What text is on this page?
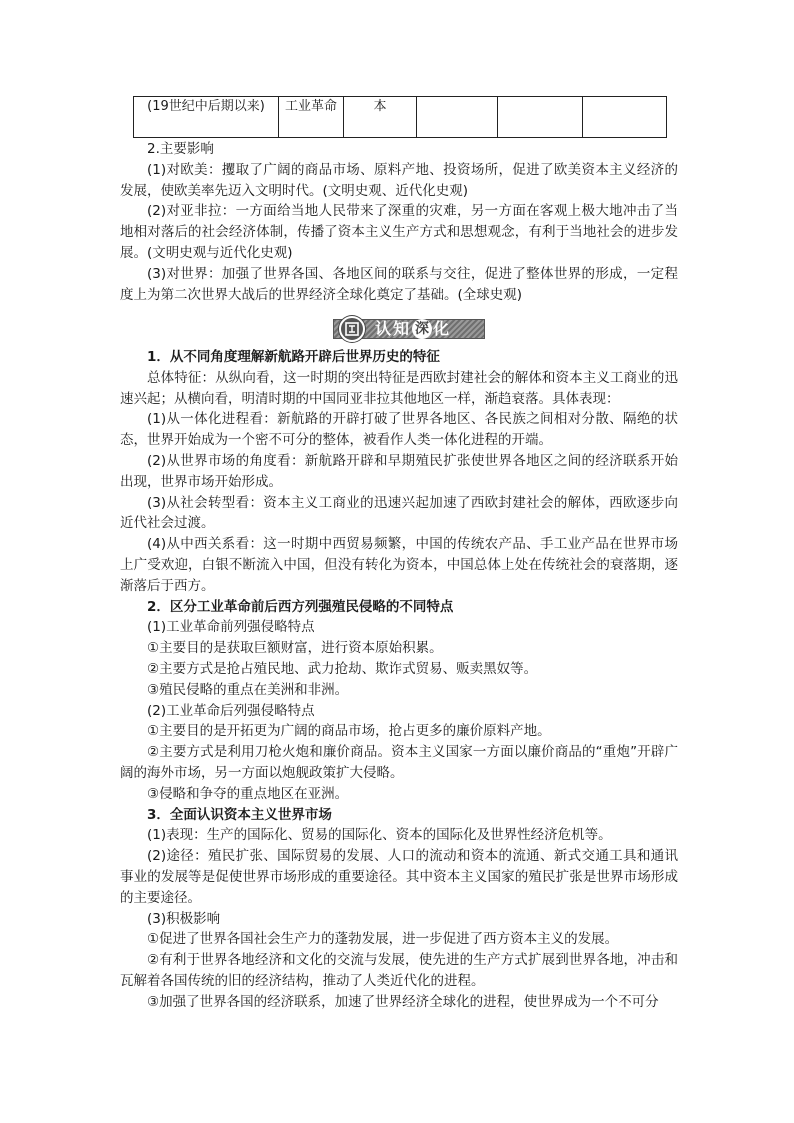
(19世纪中后期以来)	工业革命	本			

2.主要影响

(1)对欧美：攫取了广阔的商品市场、原料产地、投资场所，促进了欧美资本主义经济的发展，使欧美率先迈入文明时代。(文明史观、近代化史观)

(2)对亚非拉：一方面给当地人民带来了深重的灾难，另一方面在客观上极大地冲击了当地相对落后的社会经济体制，传播了资本主义生产方式和思想观念，有利于当地社会的进步发展。(文明史观与近代化史观)

(3)对世界：加强了世界各国、各地区间的联系与交往，促进了整体世界的形成，一定程度上为第二次世界大战后的世界经济全球化奠定了基础。(全球史观)

认知 深 化

1．从不同角度理解新航路开辟后世界历史的特征

总体特征：从纵向看，这一时期的突出特征是西欧封建社会的解体和资本主义工商业的迅速兴起；从横向看，明清时期的中国同亚非拉其他地区一样，渐趋衰落。具体表现：

(1)从一体化进程看：新航路的开辟打破了世界各地区、各民族之间相对分散、隔绝的状态，世界开始成为一个密不可分的整体，被看作人类一体化进程的开端。

(2)从世界市场的角度看：新航路开辟和早期殖民扩张使世界各地区之间的经济联系开始出现，世界市场开始形成。

(3)从社会转型看：资本主义工商业的迅速兴起加速了西欧封建社会的解体，西欧逐步向近代社会过渡。

(4)从中西关系看：这一时期中西贸易频繁，中国的传统农产品、手工业产品在世界市场上广受欢迎，白银不断流入中国，但没有转化为资本，中国总体上处在传统社会的衰落期，逐渐落后于西方。

2．区分工业革命前后西方列强殖民侵略的不同特点

(1)工业革命前列强侵略特点

①主要目的是获取巨额财富，进行资本原始积累。

②主要方式是抢占殖民地、武力抢劫、欺诈式贸易、贩卖黑奴等。

③殖民侵略的重点在美洲和非洲。

(2)工业革命后列强侵略特点

①主要目的是开拓更为广阔的商品市场，抢占更多的廉价原料产地。

②主要方式是利用刀枪火炮和廉价商品。资本主义国家一方面以廉价商品的“重炮”开辟广阔的海外市场，另一方面以炮舰政策扩大侵略。

③侵略和争夺的重点地区在亚洲。

3．全面认识资本主义世界市场

(1)表现：生产的国际化、贸易的国际化、资本的国际化及世界性经济危机等。

(2)途径：殖民扩张、国际贸易的发展、人口的流动和资本的流通、新式交通工具和通讯事业的发展等是促使世界市场形成的重要途径。其中资本主义国家的殖民扩张是世界市场形成的主要途径。

(3)积极影响

①促进了世界各国社会生产力的蓬勃发展，进一步促进了西方资本主义的发展。

②有利于世界各地经济和文化的交流与发展，使先进的生产方式扩展到世界各地，冲击和瓦解着各国传统的旧的经济结构，推动了人类近代化的进程。

③加强了世界各国的经济联系，加速了世界经济全球化的进程，使世界成为一个不可分
